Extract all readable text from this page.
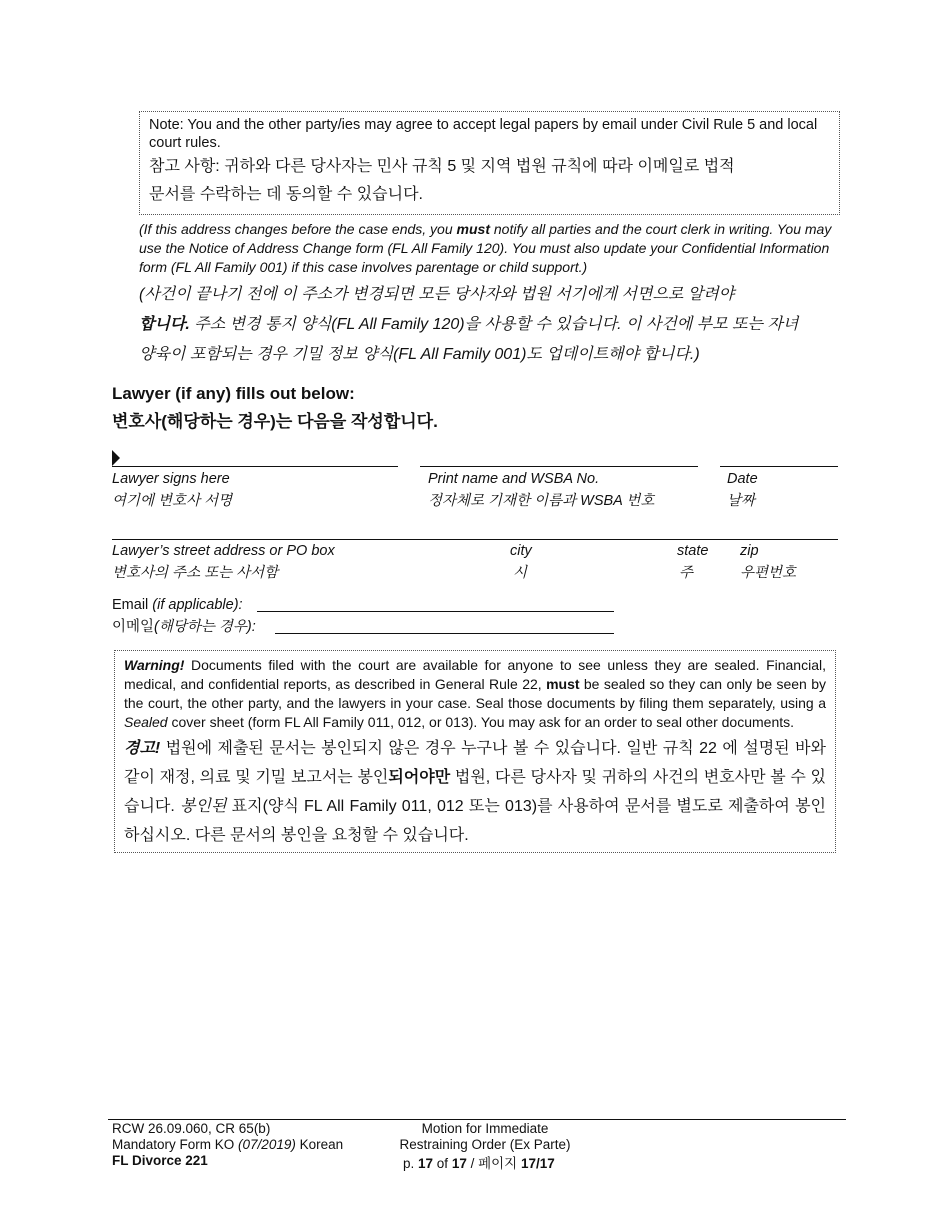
Note: You and the other party/ies may agree to accept legal papers by email under Civil Rule 5 and local court rules.
참고 사항: 귀하와 다른 당사자는 민사 규칙 5 및 지역 법원 규칙에 따라 이메일로 법적
문서를 수락하는 데 동의할 수 있습니다.
(If this address changes before the case ends, you must notify all parties and the court clerk in writing. You may use the Notice of Address Change form (FL All Family 120). You must also update your Confidential Information form (FL All Family 001) if this case involves parentage or child support.)
(사건이 끝나기 전에 이 주소가 변경되면 모든 당사자와 법원 서기에게 서면으로 알려야
합니다. 주소 변경 통지 양식(FL All Family 120)을 사용할 수 있습니다. 이 사건에 부모 또는 자녀
양육이 포함되는 경우 기밀 정보 양식(FL All Family 001)도 업데이트해야 합니다.)
Lawyer (if any) fills out below:
변호사(해당하는 경우)는 다음을 작성합니다.
Lawyer signs here
여기에 변호사 서명
Print name and WSBA No.
정자체로 기재한 이름과 WSBA 번호
Date
날짜
Lawyer’s street address or PO box
변호사의 주소 또는 사서함
city
시
state
주
zip
우편번호
Email (if applicable):
이메일(해당하는 경우):
Warning! Documents filed with the court are available for anyone to see unless they are sealed. Financial, medical, and confidential reports, as described in General Rule 22, must be sealed so they can only be seen by the court, the other party, and the lawyers in your case. Seal those documents by filing them separately, using a Sealed cover sheet (form FL All Family 011, 012, or 013). You may ask for an order to seal other documents.
경고! 법원에 제출된 문서는 봉인되지 않은 경우 누구나 볼 수 있습니다. 일반 규칙 22 에 설명된 바와 같이 재정, 의료 및 기밀 보고서는 봉인되어야만 법원, 다른 당사자 및 귀하의 사건의 변호사만 볼 수 있습니다. 봉인된 표지(양식 FL All Family 011, 012 또는 013)를 사용하여 문서를 별도로 제출하여 봉인하십시오. 다른 문서의 봉인을 요청할 수 있습니다.
RCW 26.09.060, CR 65(b)
Mandatory Form KO (07/2019) Korean
FL Divorce 221
Motion for Immediate
Restraining Order (Ex Parte)
p. 17 of 17 / 페이지 17/17
